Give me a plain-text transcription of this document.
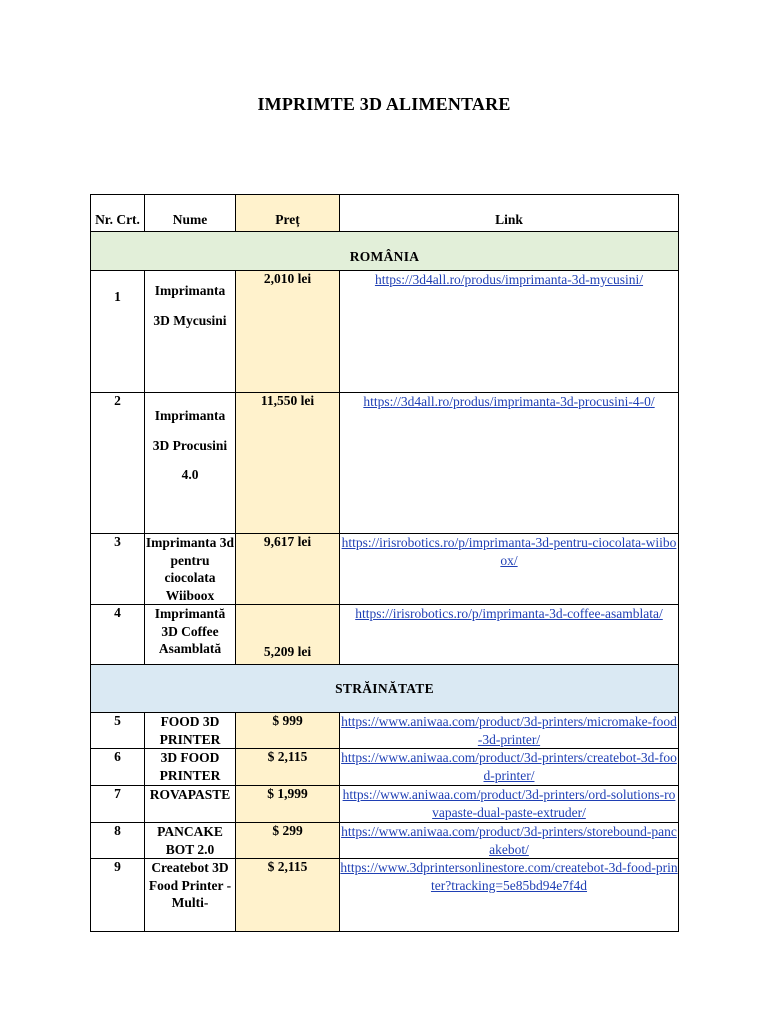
IMPRIMTE 3D ALIMENTARE
Nr. Crt.	Nume	Preț	Link
ROMÂNIA			
1	Imprimanta 3D Mycusini	2,010 lei	https://3d4all.ro/produs/imprimanta-3d-mycusini/
2	Imprimanta 3D Procusini 4.0	11,550 lei	https://3d4all.ro/produs/imprimanta-3d-procusini-4-0/
3	Imprimanta 3d pentru ciocolata Wiiboox	9,617 lei	https://irisrobotics.ro/p/imprimanta-3d-pentru-ciocolata-wiiboox/
4	Imprimantă 3D Coffee Asamblată	5,209 lei	https://irisrobotics.ro/p/imprimanta-3d-coffee-asamblata/
STRĂINĂTATE			
5	FOOD 3D PRINTER	$ 999	https://www.aniwaa.com/product/3d-printers/micromake-food-3d-printer/
6	3D FOOD PRINTER	$ 2,115	https://www.aniwaa.com/product/3d-printers/createbot-3d-food-printer/
7	ROVAPASTE	$ 1,999	https://www.aniwaa.com/product/3d-printers/ord-solutions-rovapaste-dual-paste-extruder/
8	PANCAKE BOT 2.0	$ 299	https://www.aniwaa.com/product/3d-printers/storebound-pancakebot/
9	Createbot 3D Food Printer - Multi-	$ 2,115	https://www.3dprintersonlinestore.com/createbot-3d-food-printer?tracking=5e85bd94e7f4d
